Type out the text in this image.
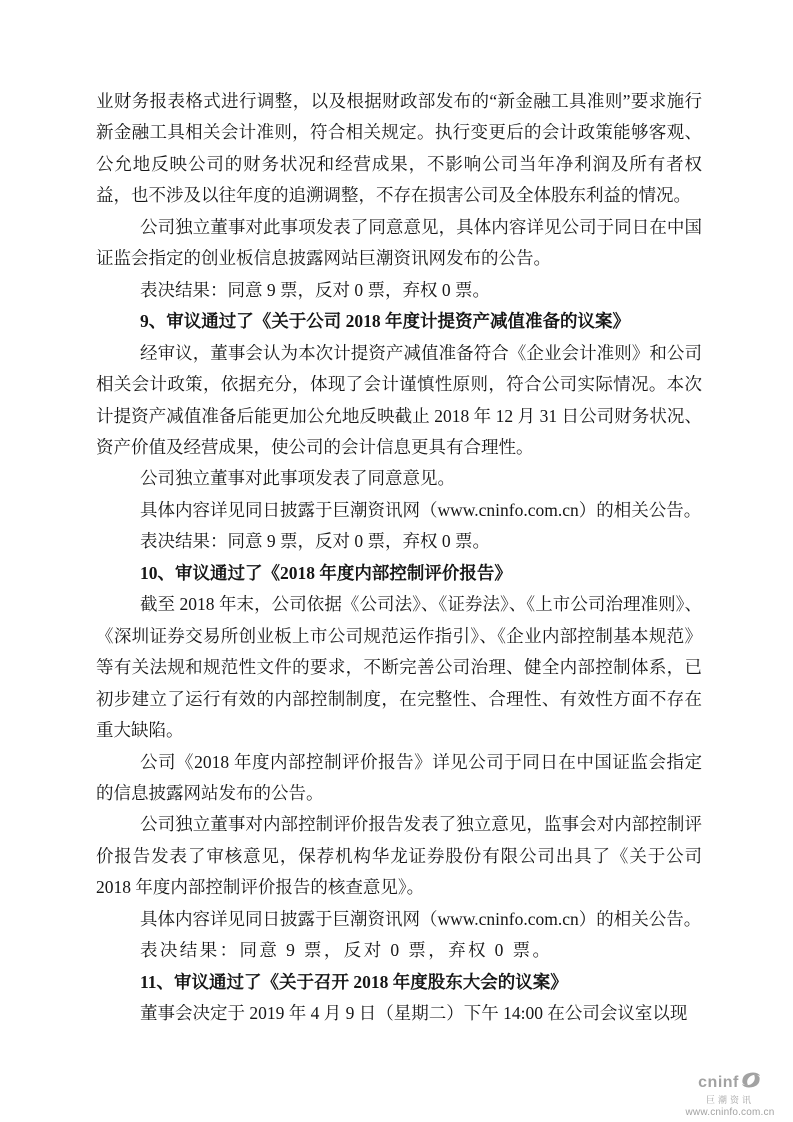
业财务报表格式进行调整，以及根据财政部发布的“新金融工具准则”要求施行新金融工具相关会计准则，符合相关规定。执行变更后的会计政策能够客观、公允地反映公司的财务状况和经营成果，不影响公司当年净利润及所有者权益，也不涉及以往年度的追溯调整，不存在损害公司及全体股东利益的情况。

公司独立董事对此事项发表了同意意见，具体内容详见公司于同日在中国证监会指定的创业板信息披露网站巨潮资讯网发布的公告。

表决结果：同意 9 票，反对 0 票，弃权 0 票。

9、审议通过了《关于公司 2018 年度计提资产减值准备的议案》

经审议，董事会认为本次计提资产减值准备符合《企业会计准则》和公司相关会计政策，依据充分，体现了会计谨慎性原则，符合公司实际情况。本次计提资产减值准备后能更加公允地反映截止 2018 年 12 月 31 日公司财务状况、资产价值及经营成果，使公司的会计信息更具有合理性。

公司独立董事对此事项发表了同意意见。

具体内容详见同日披露于巨潮资讯网（www.cninfo.com.cn）的相关公告。

表决结果：同意 9 票，反对 0 票，弃权 0 票。

10、审议通过了《2018 年度内部控制评价报告》

截至 2018 年末，公司依据《公司法》、《证券法》、《上市公司治理准则》、《深圳证券交易所创业板上市公司规范运作指引》、《企业内部控制基本规范》等有关法规和规范性文件的要求，不断完善公司治理、健全内部控制体系，已初步建立了运行有效的内部控制制度，在完整性、合理性、有效性方面不存在重大缺陷。

公司《2018 年度内部控制评价报告》详见公司于同日在中国证监会指定的信息披露网站发布的公告。

公司独立董事对内部控制评价报告发表了独立意见，监事会对内部控制评价报告发表了审核意见，保荐机构华龙证券股份有限公司出具了《关于公司 2018 年度内部控制评价报告的核查意见》。

具体内容详见同日披露于巨潮资讯网（www.cninfo.com.cn）的相关公告。

表决结果：同意 9 票，反对 0 票，弃权 0 票。

11、审议通过了《关于召开 2018 年度股东大会的议案》

董事会决定于 2019 年 4 月 9 日（星期二）下午 14:00 在公司会议室以现

cninf
巨潮资讯
www.cninfo.com.cn
